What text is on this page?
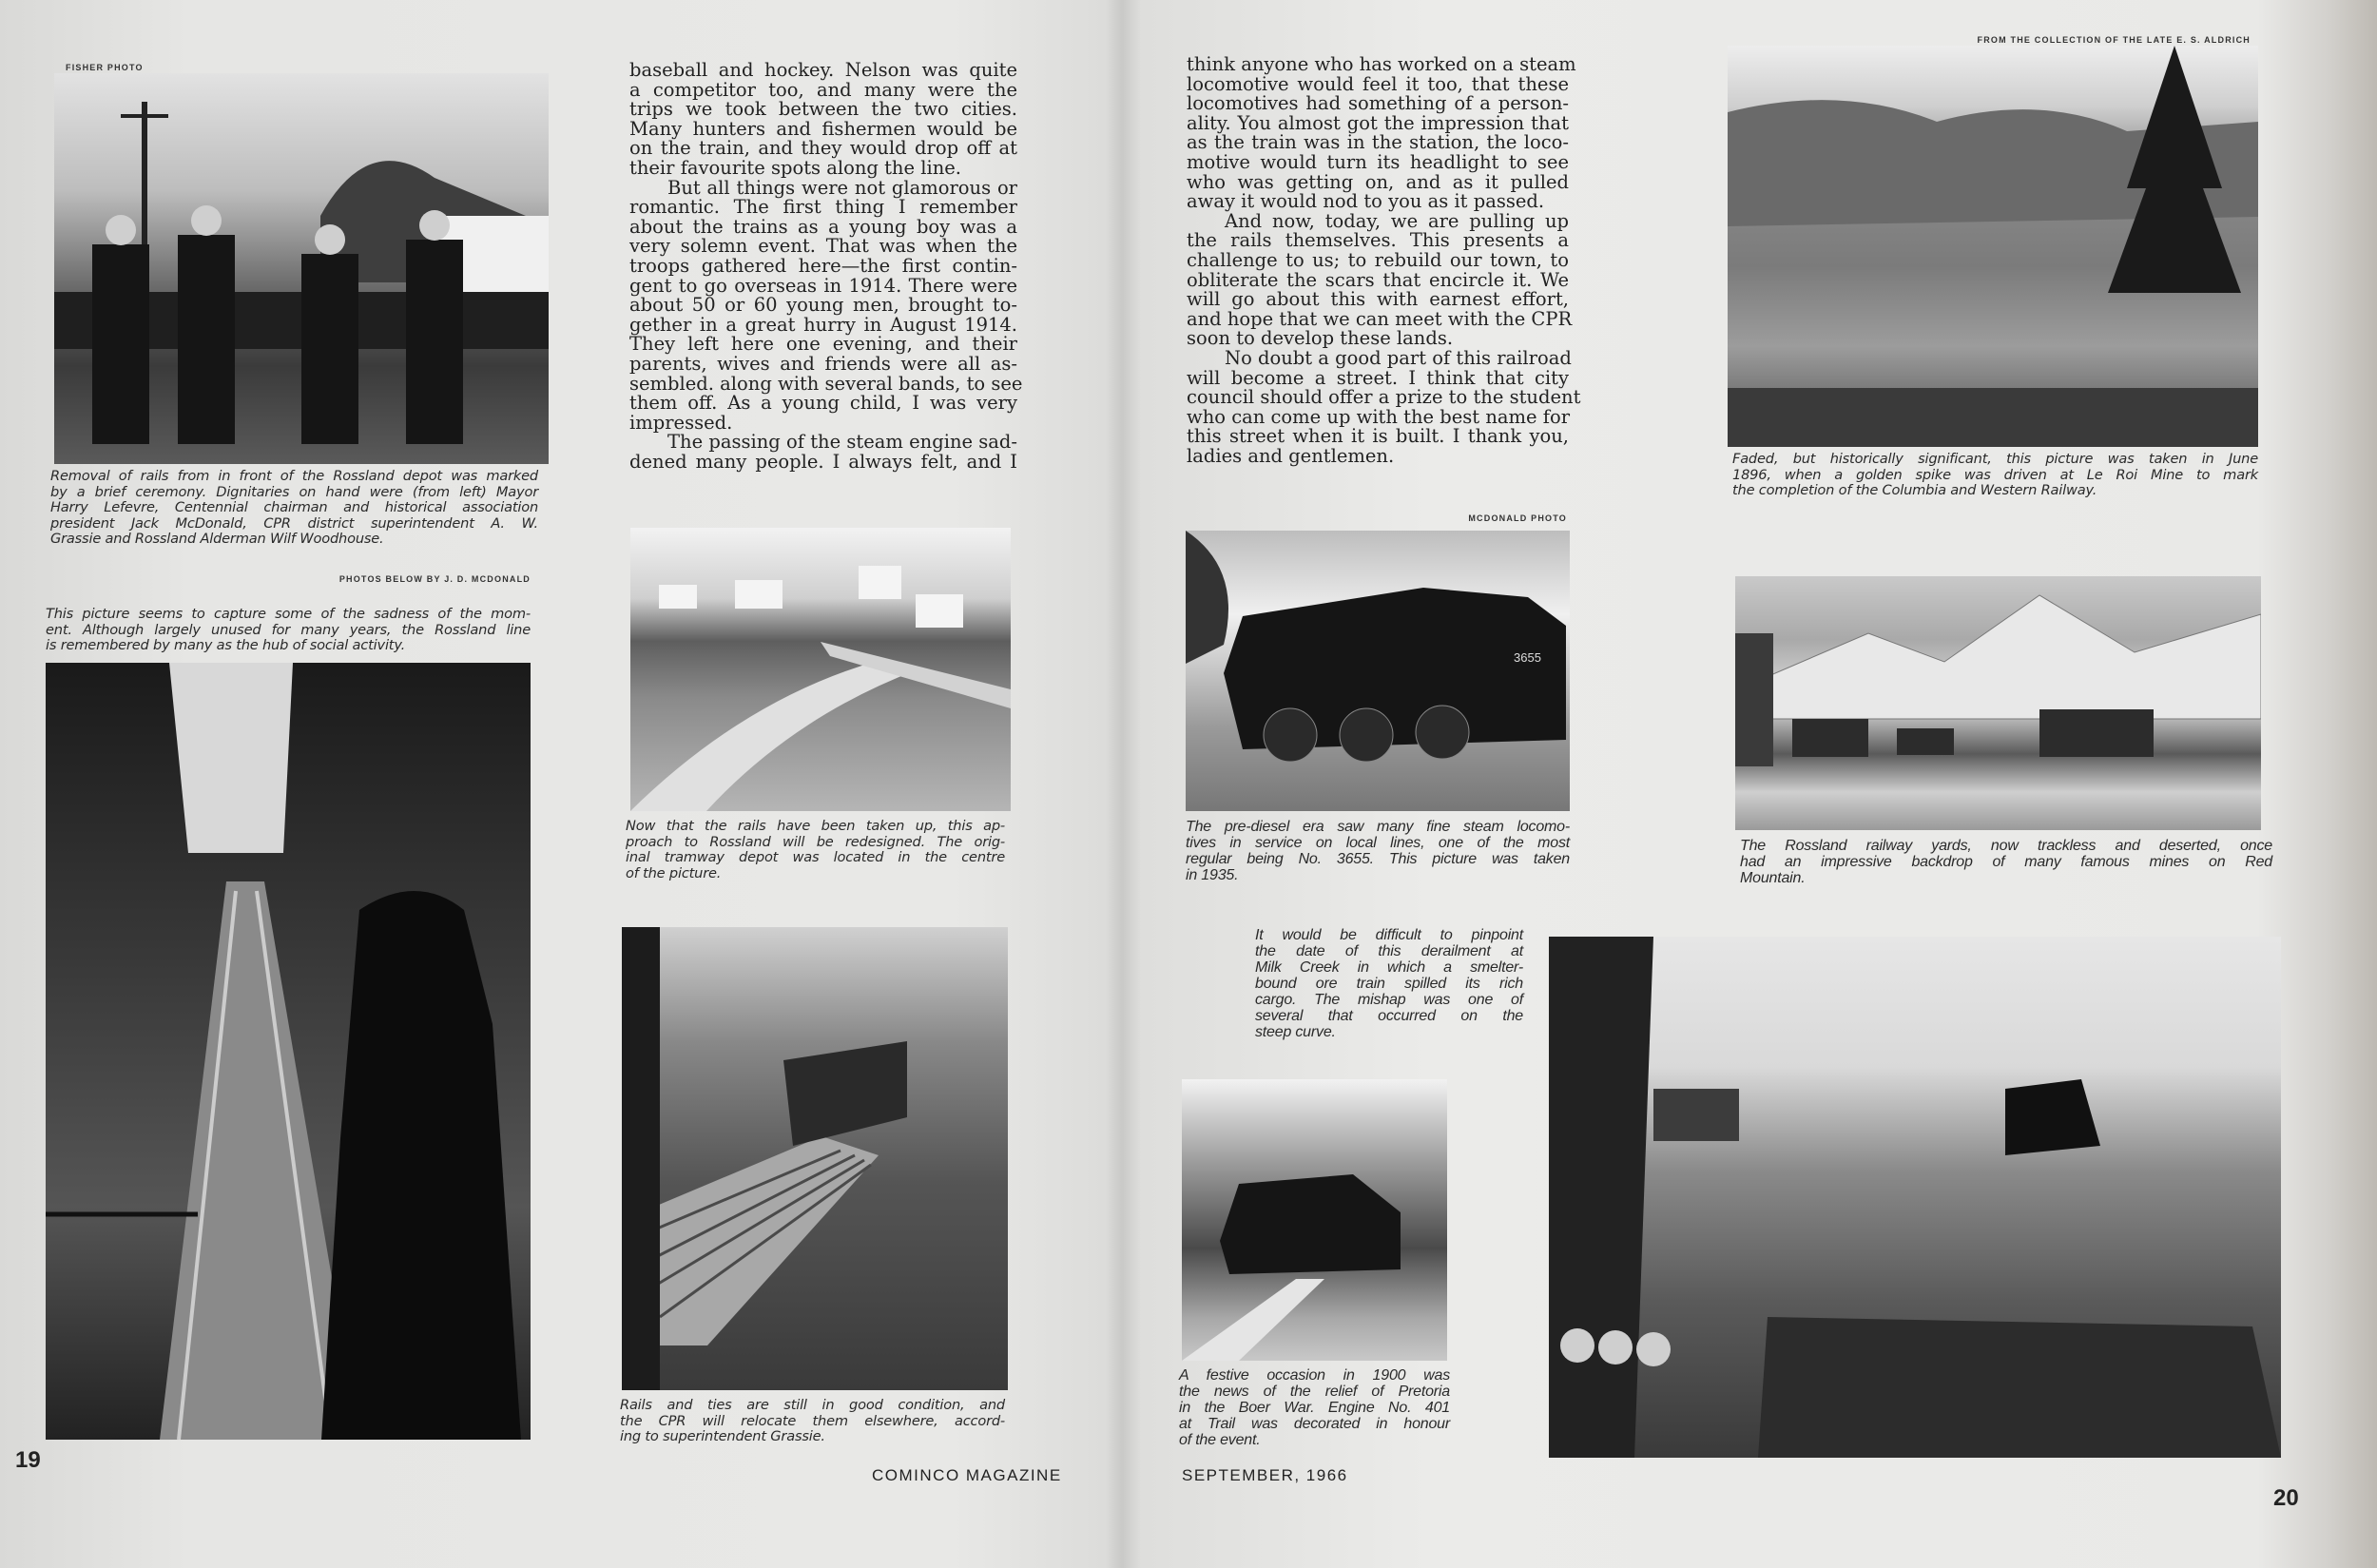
FISHER PHOTO
Removal of rails from in front of the Rossland depot was marked
by a brief ceremony. Dignitaries on hand were (from left) Mayor
Harry Lefevre, Centennial chairman and historical association
president Jack McDonald, CPR district superintendent A. W.
Grassie and Rossland Alderman Wilf Woodhouse.
PHOTOS BELOW BY J. D. MCDONALD
This picture seems to capture some of the sadness of the mom-
ent. Although largely unused for many years, the Rossland line
is remembered by many as the hub of social activity.
baseball and hockey. Nelson was quite
a competitor too, and many were the
trips we took between the two cities.
Many hunters and fishermen would be
on the train, and they would drop off at
their favourite spots along the line.
But all things were not glamorous or
romantic. The first thing I remember
about the trains as a young boy was a
very solemn event. That was when the
troops gathered here—the first contin-
gent to go overseas in 1914. There were
about 50 or 60 young men, brought to-
gether in a great hurry in August 1914.
They left here one evening, and their
parents, wives and friends were all as-
sembled. along with several bands, to see
them off. As a young child, I was very
impressed.
The passing of the steam engine sad-
dened many people. I always felt, and I
Now that the rails have been taken up, this ap-
proach to Rossland will be redesigned. The orig-
inal tramway depot was located in the centre
of the picture.
Rails and ties are still in good condition, and
the CPR will relocate them elsewhere, accord-
ing to superintendent Grassie.
19
COMINCO MAGAZINE
think anyone who has worked on a steam
locomotive would feel it too, that these
locomotives had something of a person-
ality. You almost got the impression that
as the train was in the station, the loco-
motive would turn its headlight to see
who was getting on, and as it pulled
away it would nod to you as it passed.
And now, today, we are pulling up
the rails themselves. This presents a
challenge to us; to rebuild our town, to
obliterate the scars that encircle it. We
will go about this with earnest effort,
and hope that we can meet with the CPR
soon to develop these lands.
No doubt a good part of this railroad
will become a street. I think that city
council should offer a prize to the student
who can come up with the best name for
this street when it is built. I thank you,
ladies and gentlemen.
MCDONALD PHOTO
3655
The pre-diesel era saw many fine steam locomo-
tives in service on local lines, one of the most
regular being No. 3655. This picture was taken
in 1935.
FROM THE COLLECTION OF THE LATE E. S. ALDRICH
Faded, but historically significant, this picture was taken in June
1896, when a golden spike was driven at Le Roi Mine to mark
the completion of the Columbia and Western Railway.
The Rossland railway yards, now trackless and deserted, once
had an impressive backdrop of many famous mines on Red
Mountain.
It would be difficult to pinpoint
the date of this derailment at
Milk Creek in which a smelter-
bound ore train spilled its rich
cargo. The mishap was one of
several that occurred on the
steep curve.
A festive occasion in 1900 was
the news of the relief of Pretoria
in the Boer War. Engine No. 401
at Trail was decorated in honour
of the event.
SEPTEMBER, 1966
20
